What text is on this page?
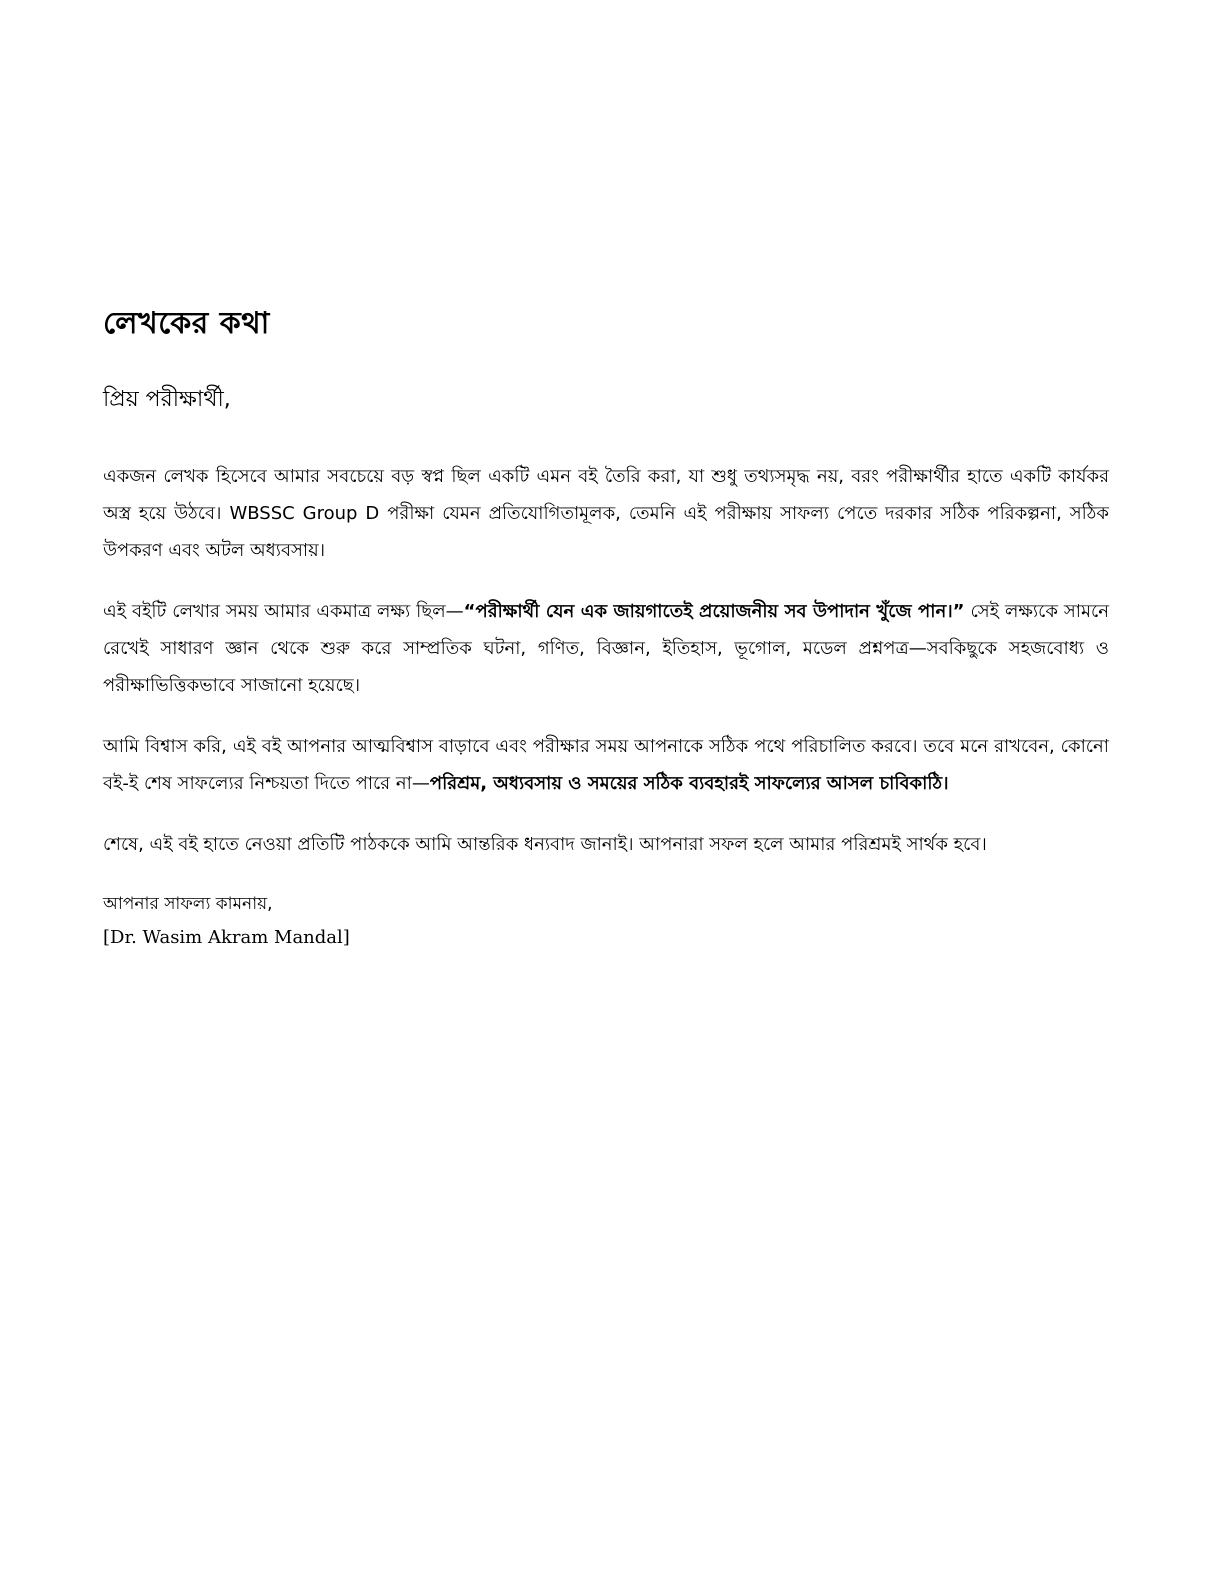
লেখকের কথা

প্রিয় পরীক্ষার্থী,

একজন লেখক হিসেবে আমার সবচেয়ে বড় স্বপ্ন ছিল একটি এমন বই তৈরি করা, যা শুধু তথ্যসমৃদ্ধ নয়, বরং পরীক্ষার্থীর হাতে একটি কার্যকর অস্ত্র হয়ে উঠবে। WBSSC Group D পরীক্ষা যেমন প্রতিযোগিতামূলক, তেমনি এই পরীক্ষায় সাফল্য পেতে দরকার সঠিক পরিকল্পনা, সঠিক উপকরণ এবং অটল অধ্যবসায়।

এই বইটি লেখার সময় আমার একমাত্র লক্ষ্য ছিল—“পরীক্ষার্থী যেন এক জায়গাতেই প্রয়োজনীয় সব উপাদান খুঁজে পান।” সেই লক্ষ্যকে সামনে রেখেই সাধারণ জ্ঞান থেকে শুরু করে সাম্প্রতিক ঘটনা, গণিত, বিজ্ঞান, ইতিহাস, ভূগোল, মডেল প্রশ্নপত্র—সবকিছুকে সহজবোধ্য ও পরীক্ষাভিত্তিকভাবে সাজানো হয়েছে।

আমি বিশ্বাস করি, এই বই আপনার আত্মবিশ্বাস বাড়াবে এবং পরীক্ষার সময় আপনাকে সঠিক পথে পরিচালিত করবে। তবে মনে রাখবেন, কোনো বই-ই শেষ সাফল্যের নিশ্চয়তা দিতে পারে না—পরিশ্রম, অধ্যবসায় ও সময়ের সঠিক ব্যবহারই সাফল্যের আসল চাবিকাঠি।

শেষে, এই বই হাতে নেওয়া প্রতিটি পাঠককে আমি আন্তরিক ধন্যবাদ জানাই। আপনারা সফল হলে আমার পরিশ্রমই সার্থক হবে।

আপনার সাফল্য কামনায়,

[Dr. Wasim Akram Mandal]
